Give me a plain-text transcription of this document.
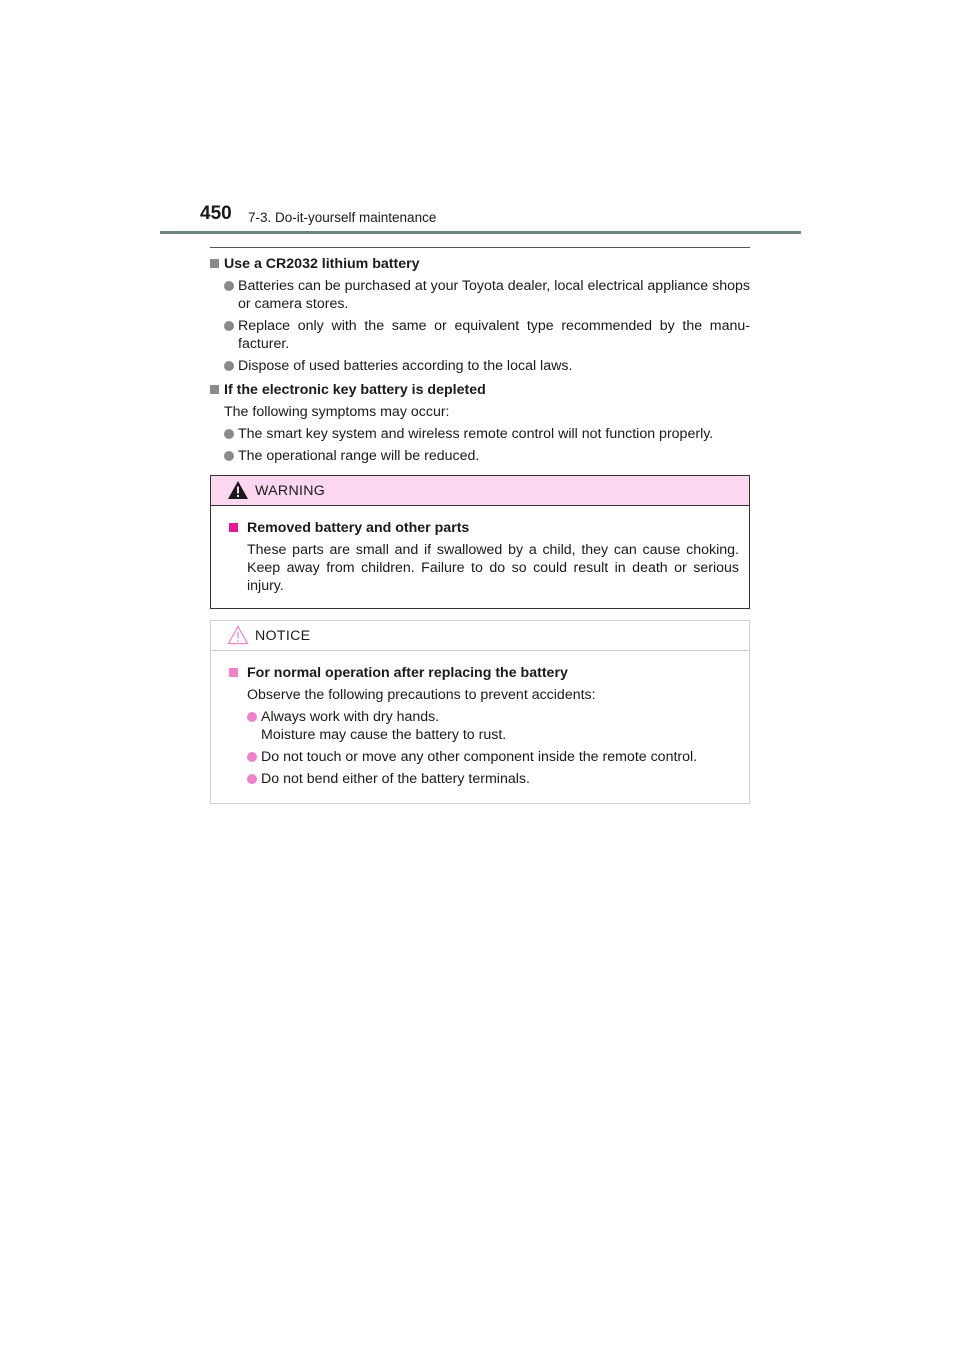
450 7-3. Do-it-yourself maintenance
Use a CR2032 lithium battery
Batteries can be purchased at your Toyota dealer, local electrical appliance shops or camera stores.
Replace only with the same or equivalent type recommended by the manu-facturer.
Dispose of used batteries according to the local laws.
If the electronic key battery is depleted
The following symptoms may occur:
The smart key system and wireless remote control will not function properly.
The operational range will be reduced.
WARNING
Removed battery and other parts
These parts are small and if swallowed by a child, they can cause choking. Keep away from children. Failure to do so could result in death or serious injury.
NOTICE
For normal operation after replacing the battery
Observe the following precautions to prevent accidents:
Always work with dry hands.
Moisture may cause the battery to rust.
Do not touch or move any other component inside the remote control.
Do not bend either of the battery terminals.
